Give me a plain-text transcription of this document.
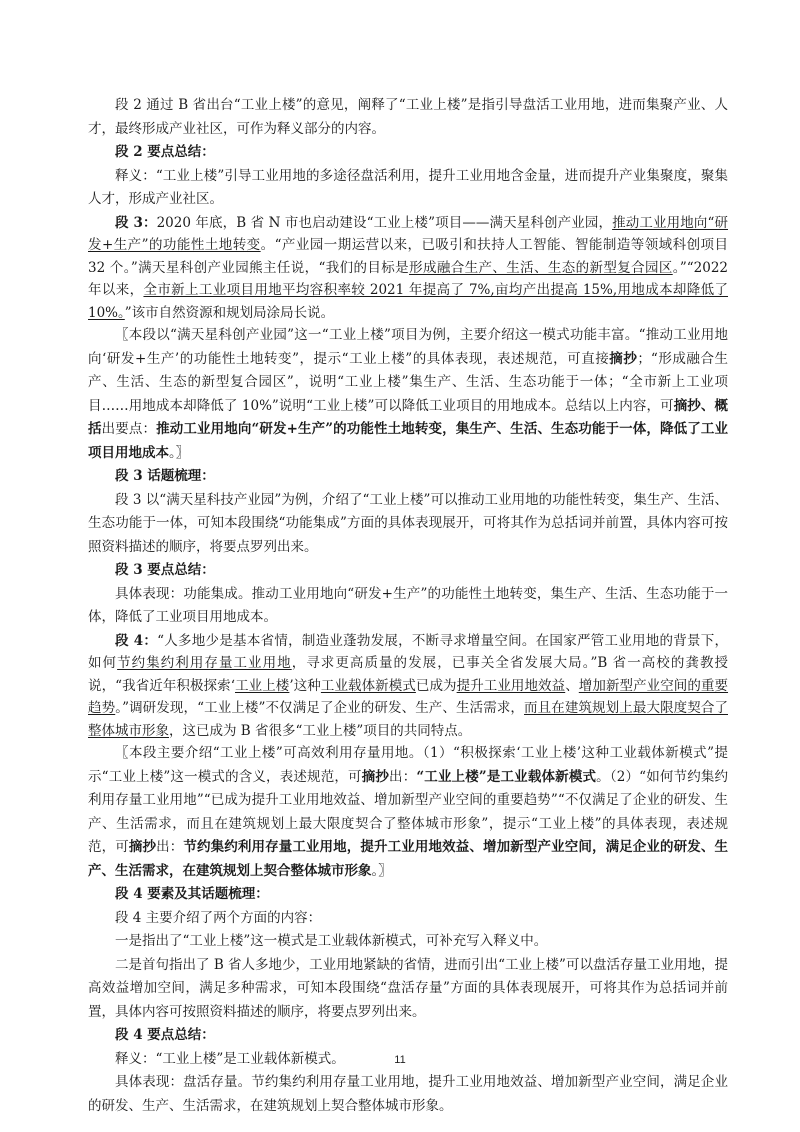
段 2 通过 B 省出台“工业上楼”的意见，阐释了“工业上楼”是指引导盘活工业用地，进而集聚产业、人才，最终形成产业社区，可作为释义部分的内容。

段 2 要点总结：

释义：“工业上楼”引导工业用地的多途径盘活利用，提升工业用地含金量，进而提升产业集聚度，聚集人才，形成产业社区。

段 3：2020 年底，B 省 N 市也启动建设“工业上楼”项目——满天星科创产业园，推动工业用地向“研发+生产”的功能性土地转变。“产业园一期运营以来，已吸引和扶持人工智能、智能制造等领域科创项目 32 个。”满天星科创产业园熊主任说，“我们的目标是形成融合生产、生活、生态的新型复合园区。”“2022 年以来，全市新上工业项目用地平均容积率较 2021 年提高了 7%,亩均产出提高 15%,用地成本却降低了 10%。”该市自然资源和规划局涂局长说。

〖本段以“满天星科创产业园”这一“工业上楼”项目为例，主要介绍这一模式功能丰富。“推动工业用地向‘研发+生产’的功能性土地转变”，提示“工业上楼”的具体表现，表述规范，可直接摘抄；“形成融合生产、生活、生态的新型复合园区”，说明“工业上楼”集生产、生活、生态功能于一体；“全市新上工业项目……用地成本却降低了 10%”说明“工业上楼”可以降低工业项目的用地成本。总结以上内容，可摘抄、概括出要点：推动工业用地向“研发+生产”的功能性土地转变，集生产、生活、生态功能于一体，降低了工业项目用地成本。〗

段 3 话题梳理：

段 3 以“满天星科技产业园”为例，介绍了“工业上楼”可以推动工业用地的功能性转变，集生产、生活、生态功能于一体，可知本段围绕“功能集成”方面的具体表现展开，可将其作为总括词并前置，具体内容可按照资料描述的顺序，将要点罗列出来。

段 3 要点总结：

具体表现：功能集成。推动工业用地向“研发+生产”的功能性土地转变，集生产、生活、生态功能于一体，降低了工业项目用地成本。

段 4：“人多地少是基本省情，制造业蓬勃发展，不断寻求增量空间。在国家严管工业用地的背景下，如何节约集约利用存量工业用地，寻求更高质量的发展，已事关全省发展大局。”B 省一高校的龚教授说，“我省近年积极探索‘工业上楼’这种工业载体新模式已成为提升工业用地效益、增加新型产业空间的重要趋势。”调研发现，“工业上楼”不仅满足了企业的研发、生产、生活需求，而且在建筑规划上最大限度契合了整体城市形象，这已成为 B 省很多“工业上楼”项目的共同特点。

〖本段主要介绍“工业上楼”可高效利用存量用地。（1）“积极探索‘工业上楼’这种工业载体新模式”提示“工业上楼”这一模式的含义，表述规范，可摘抄出：“工业上楼”是工业载体新模式。（2）“如何节约集约利用存量工业用地”“已成为提升工业用地效益、增加新型产业空间的重要趋势”“不仅满足了企业的研发、生产、生活需求，而且在建筑规划上最大限度契合了整体城市形象”，提示“工业上楼”的具体表现，表述规范，可摘抄出：节约集约利用存量工业用地，提升工业用地效益、增加新型产业空间，满足企业的研发、生产、生活需求，在建筑规划上契合整体城市形象。〗

段 4 要素及其话题梳理：

段 4 主要介绍了两个方面的内容：

一是指出了“工业上楼”这一模式是工业载体新模式，可补充写入释义中。

二是首句指出了 B 省人多地少，工业用地紧缺的省情，进而引出“工业上楼”可以盘活存量工业用地，提高效益增加空间，满足多种需求，可知本段围绕“盘活存量”方面的具体表现展开，可将其作为总括词并前置，具体内容可按照资料描述的顺序，将要点罗列出来。

段 4 要点总结：

释义：“工业上楼”是工业载体新模式。

具体表现：盘活存量。节约集约利用存量工业用地，提升工业用地效益、增加新型产业空间，满足企业的研发、生产、生活需求，在建筑规划上契合整体城市形象。

11
